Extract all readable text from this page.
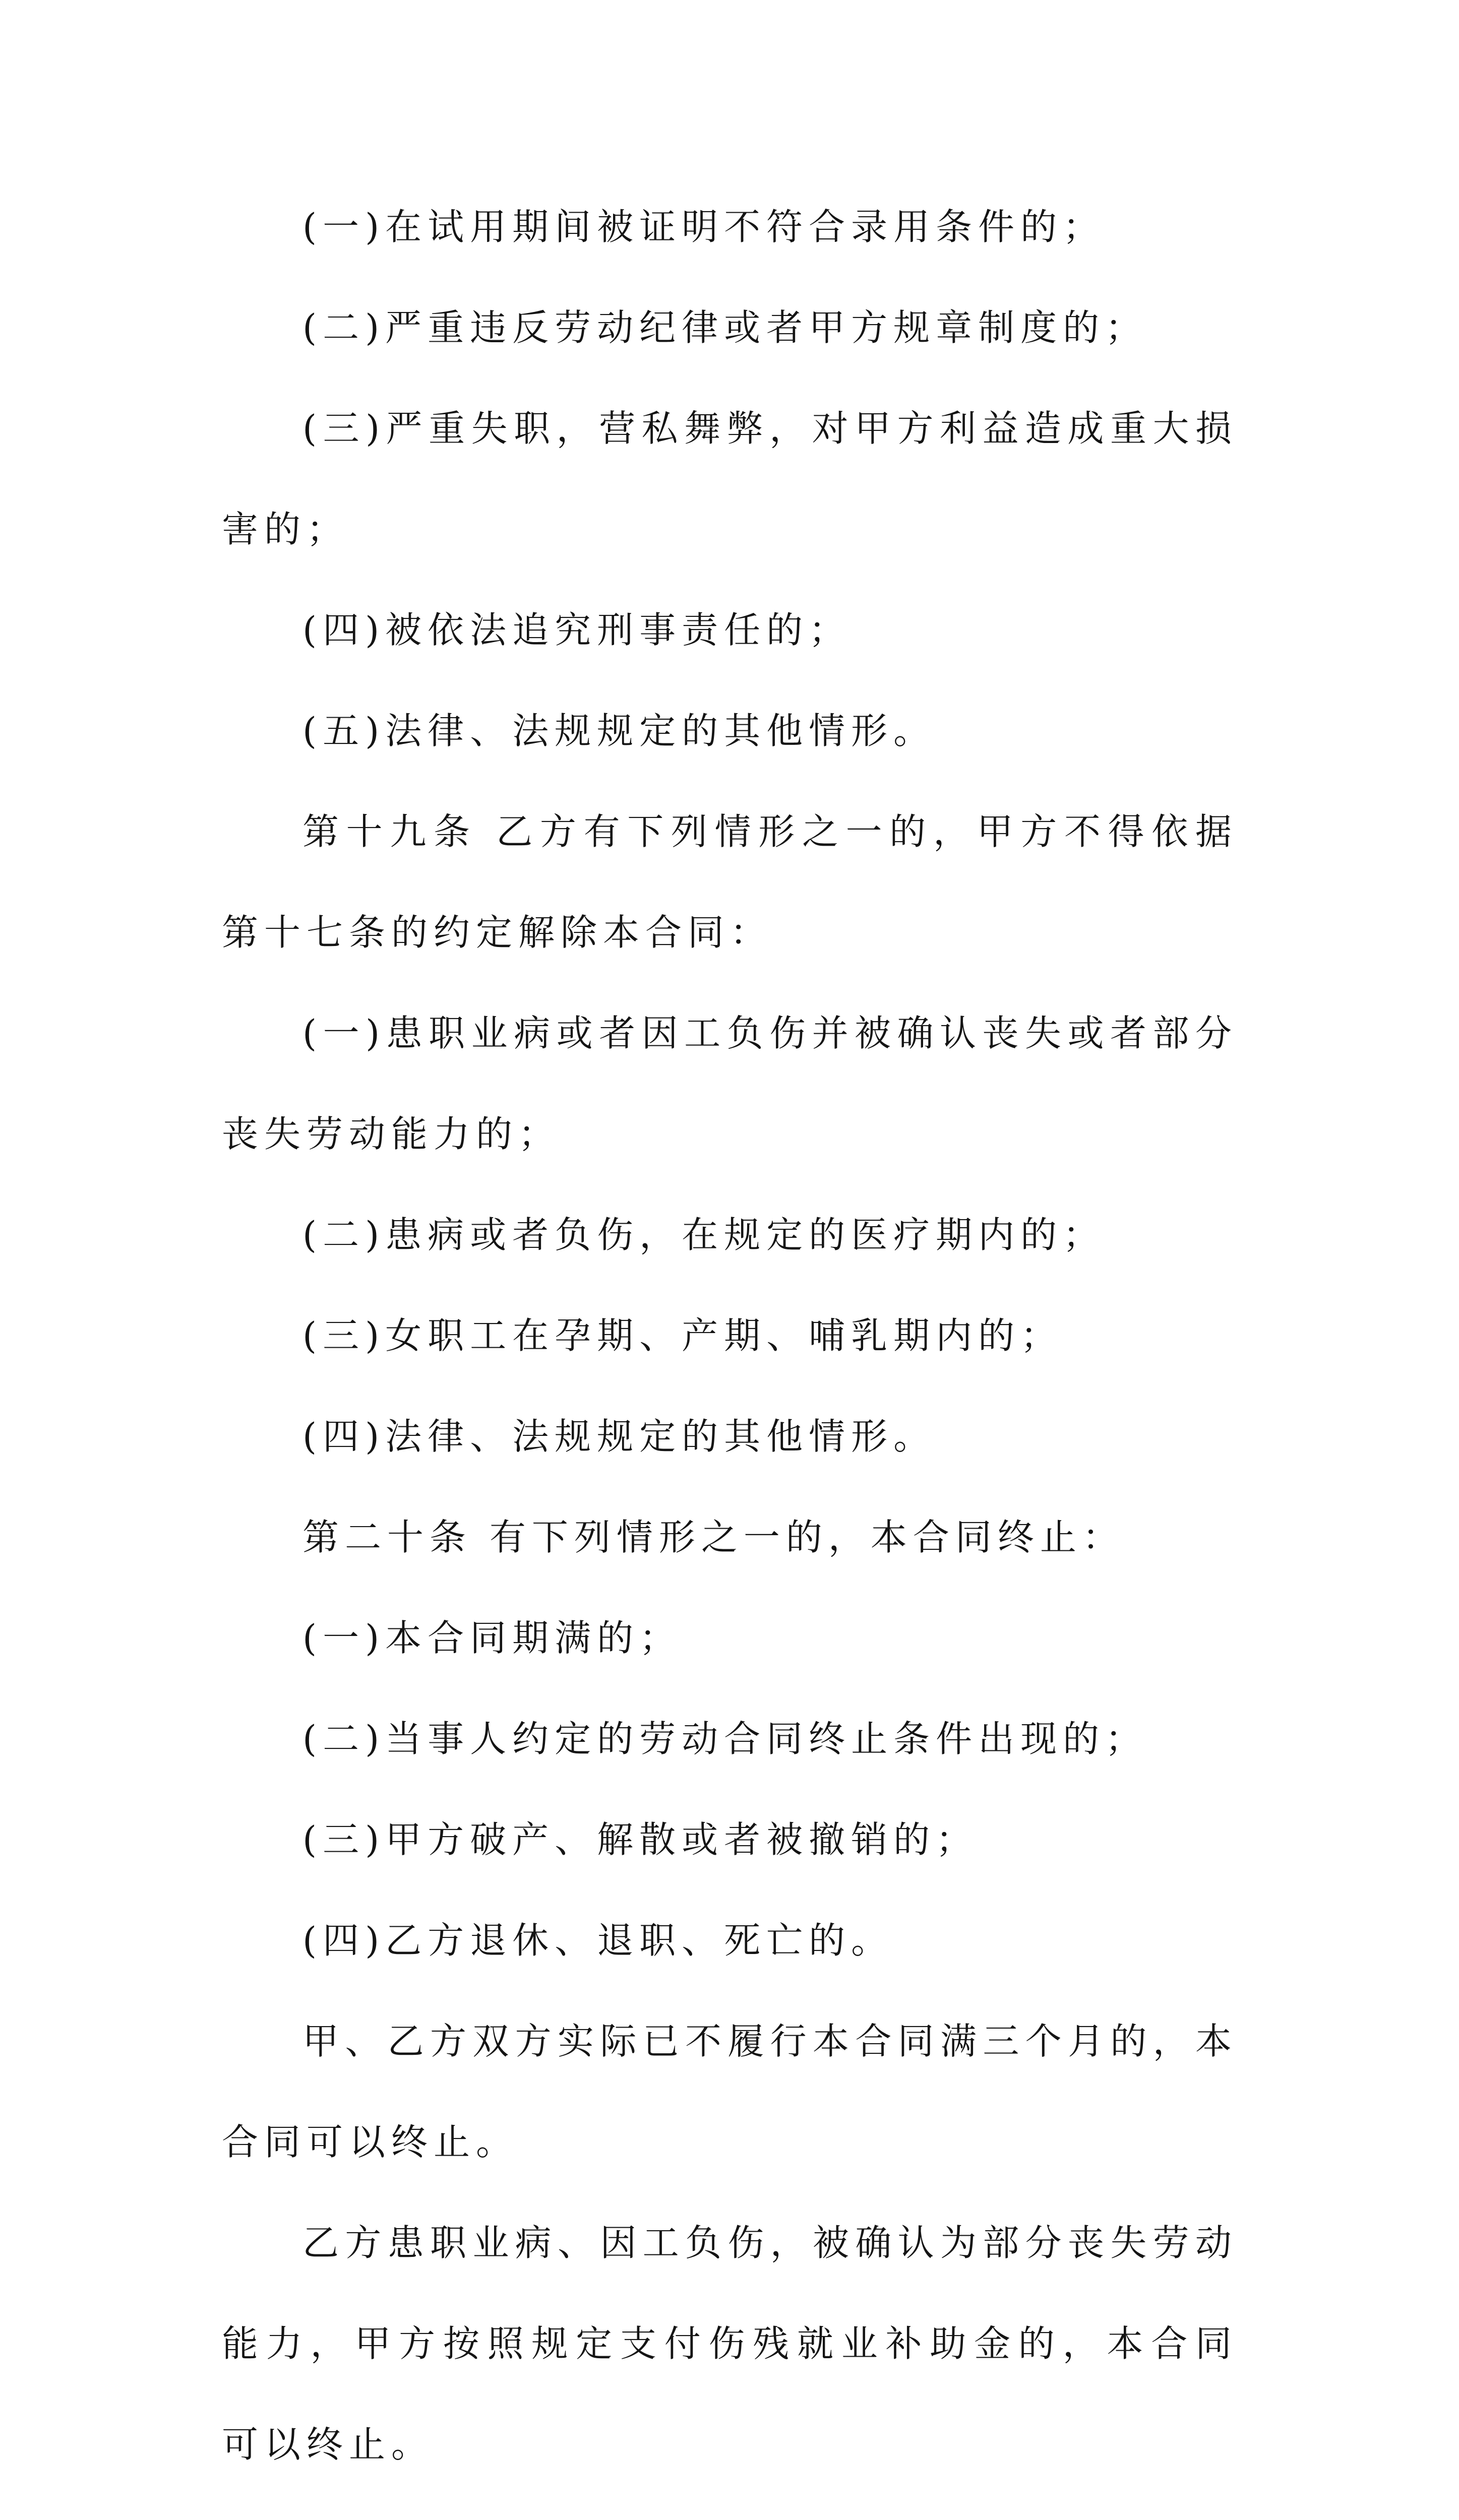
(一)在试用期间被证明不符合录用条件的；

(二)严重违反劳动纪律或者甲方规章制度的；

(三)严重失职，营私舞弊，对甲方利益造成重大损害的；

(四)被依法追究刑事责任的；

(五)法律、法规规定的其他情形。

第十九条 乙方有下列情形之一的，甲方不得依据第十七条的约定解除本合同：

(一)患职业病或者因工负伤并被确认丧失或者部分丧失劳动能力的；

(二)患病或者负伤，在规定的医疗期内的；

(三)女职工在孕期、产期、哺乳期内的；

(四)法律、法规规定的其他情形。

第二十条 有下列情形之一的，本合同终止：

(一)本合同期满的；

(二)当事人约定的劳动合同终止条件出现的；

(三)甲方破产、解散或者被撤销的；

(四)乙方退休、退职、死亡的。

甲、乙方双方实际已不履行本合同满三个月的，本合同可以终止。

乙方患职业病、因工负伤，被确认为部分丧失劳动能力，甲方按照规定支付伤残就业补助金的，本合同可以终止。
